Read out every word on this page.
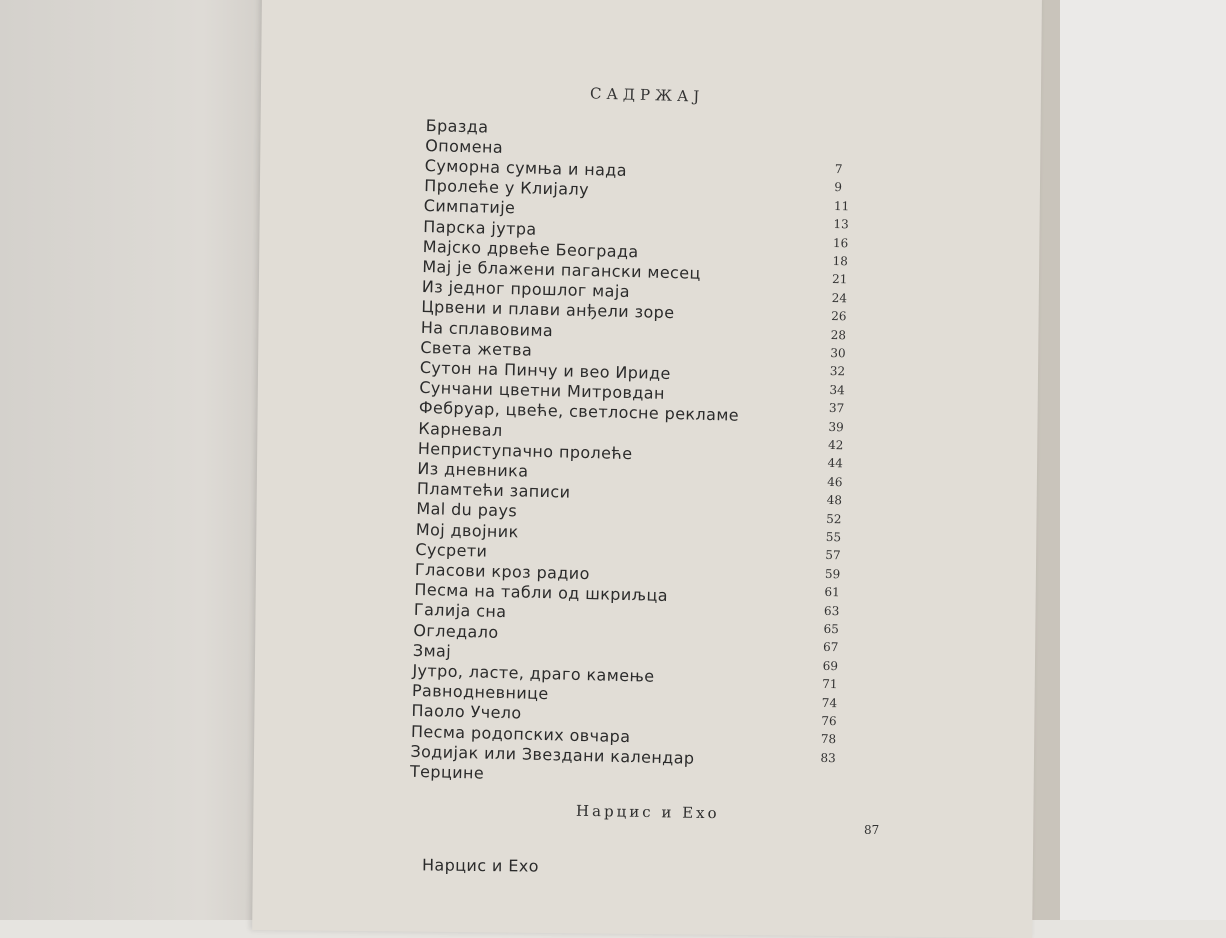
САДРЖАЈ
Бразда
Опомена
Суморна сумња и нада
Пролеће у Клијалу
Симпатије
Парска јутра
Мајско дрвеће Београда
Мај је блажени пагански месец
Из једног прошлог маја
Црвени и плави анђели зоре
На сплавовима
Света жетва
Сутон на Пинчу и вео Ириде
Сунчани цветни Митровдан
Фебруар, цвеће, светлосне рекламе
Карневал
Неприступачно пролеће
Из дневника
Пламтећи записи
Mal du pays
Мој двојник
Сусрети
Гласови кроз радио
Песма на табли од шкриљца
Галија сна
Огледало
Змај
Јутро, ласте, драго камење
Равнодневнице
Паоло Учело
Песма родопских овчара
Зодијак или Звездани календар
Терцине
7
9
11
13
16
18
21
24
26
28
30
32
34
37
39
42
44
46
48
52
55
57
59
61
63
65
67
69
71
74
76
78
83
Нарцис и Ехо
87
Нарцис и Ехо
